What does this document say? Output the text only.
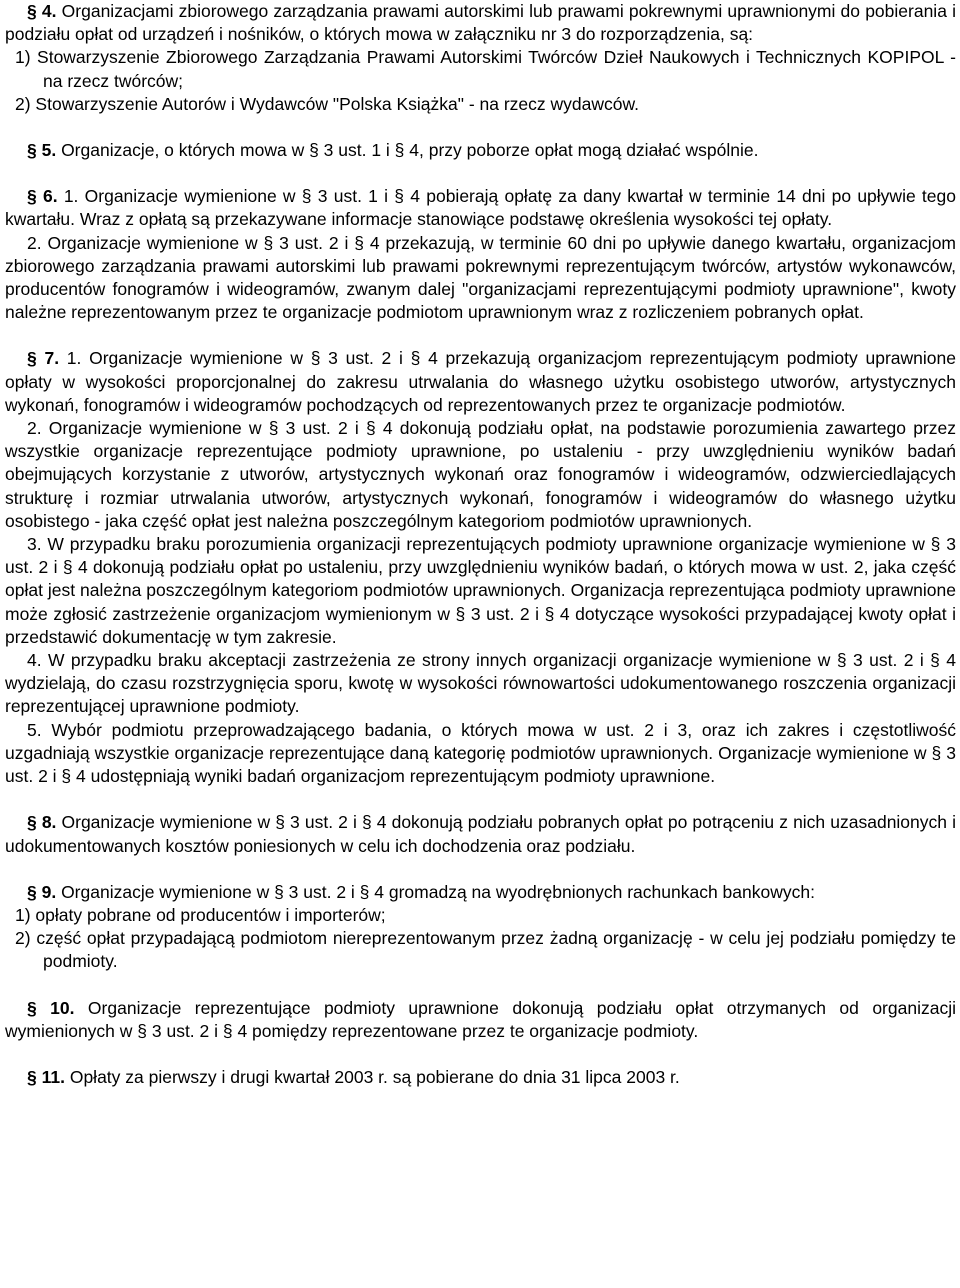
§ 4. Organizacjami zbiorowego zarządzania prawami autorskimi lub prawami pokrewnymi uprawnionymi do pobierania i podziału opłat od urządzeń i nośników, o których mowa w załączniku nr 3 do rozporządzenia, są:
1) Stowarzyszenie Zbiorowego Zarządzania Prawami Autorskimi Twórców Dzieł Naukowych i Technicznych KOPIPOL - na rzecz twórców;
2) Stowarzyszenie Autorów i Wydawców "Polska Książka" - na rzecz wydawców.
§ 5. Organizacje, o których mowa w § 3 ust. 1 i § 4, przy poborze opłat mogą działać wspólnie.
§ 6. 1. Organizacje wymienione w § 3 ust. 1 i § 4 pobierają opłatę za dany kwartał w terminie 14 dni po upływie tego kwartału. Wraz z opłatą są przekazywane informacje stanowiące podstawę określenia wysokości tej opłaty.
2. Organizacje wymienione w § 3 ust. 2 i § 4 przekazują, w terminie 60 dni po upływie danego kwartału, organizacjom zbiorowego zarządzania prawami autorskimi lub prawami pokrewnymi reprezentującym twórców, artystów wykonawców, producentów fonogramów i wideogramów, zwanym dalej "organizacjami reprezentującymi podmioty uprawnione", kwoty należne reprezentowanym przez te organizacje podmiotom uprawnionym wraz z rozliczeniem pobranych opłat.
§ 7. 1. Organizacje wymienione w § 3 ust. 2 i § 4 przekazują organizacjom reprezentującym podmioty uprawnione opłaty w wysokości proporcjonalnej do zakresu utrwalania do własnego użytku osobistego utworów, artystycznych wykonań, fonogramów i wideogramów pochodzących od reprezentowanych przez te organizacje podmiotów.
2. Organizacje wymienione w § 3 ust. 2 i § 4 dokonują podziału opłat, na podstawie porozumienia zawartego przez wszystkie organizacje reprezentujące podmioty uprawnione, po ustaleniu - przy uwzględnieniu wyników badań obejmujących korzystanie z utworów, artystycznych wykonań oraz fonogramów i wideogramów, odzwierciedlających strukturę i rozmiar utrwalania utworów, artystycznych wykonań, fonogramów i wideogramów do własnego użytku osobistego - jaka część opłat jest należna poszczególnym kategoriom podmiotów uprawnionych.
3. W przypadku braku porozumienia organizacji reprezentujących podmioty uprawnione organizacje wymienione w § 3 ust. 2 i § 4 dokonują podziału opłat po ustaleniu, przy uwzględnieniu wyników badań, o których mowa w ust. 2, jaka część opłat jest należna poszczególnym kategoriom podmiotów uprawnionych. Organizacja reprezentująca podmioty uprawnione może zgłosić zastrzeżenie organizacjom wymienionym w § 3 ust. 2 i § 4 dotyczące wysokości przypadającej kwoty opłat i przedstawić dokumentację w tym zakresie.
4. W przypadku braku akceptacji zastrzeżenia ze strony innych organizacji organizacje wymienione w § 3 ust. 2 i § 4 wydzielają, do czasu rozstrzygnięcia sporu, kwotę w wysokości równowartości udokumentowanego roszczenia organizacji reprezentującej uprawnione podmioty.
5. Wybór podmiotu przeprowadzającego badania, o których mowa w ust. 2 i 3, oraz ich zakres i częstotliwość uzgadniają wszystkie organizacje reprezentujące daną kategorię podmiotów uprawnionych. Organizacje wymienione w § 3 ust. 2 i § 4 udostępniają wyniki badań organizacjom reprezentującym podmioty uprawnione.
§ 8. Organizacje wymienione w § 3 ust. 2 i § 4 dokonują podziału pobranych opłat po potrąceniu z nich uzasadnionych i udokumentowanych kosztów poniesionych w celu ich dochodzenia oraz podziału.
§ 9. Organizacje wymienione w § 3 ust. 2 i § 4 gromadzą na wyodrębnionych rachunkach bankowych:
1) opłaty pobrane od producentów i importerów;
2) część opłat przypadającą podmiotom niereprezentowanym przez żadną organizację - w celu jej podziału pomiędzy te podmioty.
§ 10. Organizacje reprezentujące podmioty uprawnione dokonują podziału opłat otrzymanych od organizacji wymienionych w § 3 ust. 2 i § 4 pomiędzy reprezentowane przez te organizacje podmioty.
§ 11. Opłaty za pierwszy i drugi kwartał 2003 r. są pobierane do dnia 31 lipca 2003 r.
